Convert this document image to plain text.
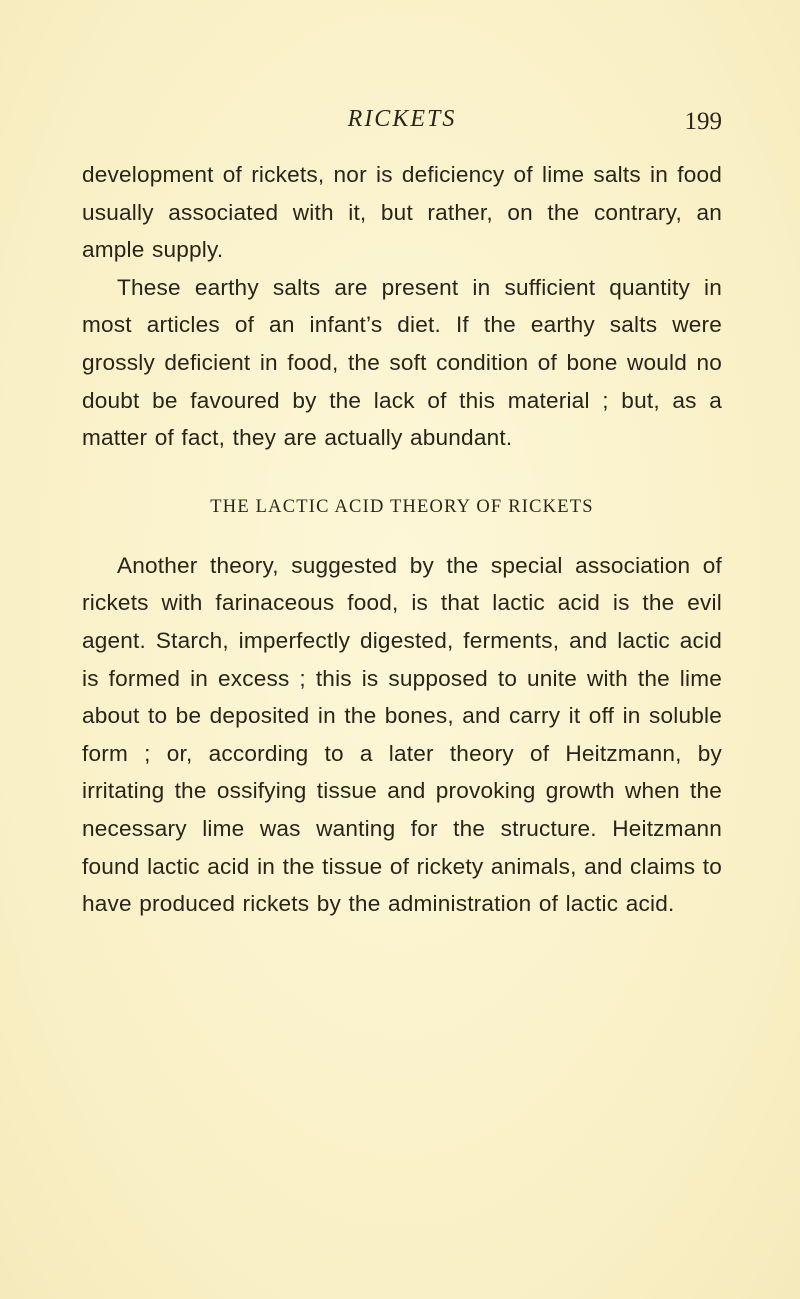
RICKETS	199

development of rickets, nor is deficiency of lime salts in food usually associated with it, but rather, on the contrary, an ample supply.

These earthy salts are present in sufficient quantity in most articles of an infant’s diet. If the earthy salts were grossly deficient in food, the soft condition of bone would no doubt be favoured by the lack of this material ; but, as a matter of fact, they are actually abundant.

THE LACTIC ACID THEORY OF RICKETS

Another theory, suggested by the special association of rickets with farinaceous food, is that lactic acid is the evil agent. Starch, imperfectly digested, ferments, and lactic acid is formed in excess ; this is supposed to unite with the lime about to be deposited in the bones, and carry it off in soluble form ; or, according to a later theory of Heitzmann, by irritating the ossifying tissue and provoking growth when the necessary lime was wanting for the structure. Heitzmann found lactic acid in the tissue of rickety animals, and claims to have produced rickets by the administration of lactic acid.
